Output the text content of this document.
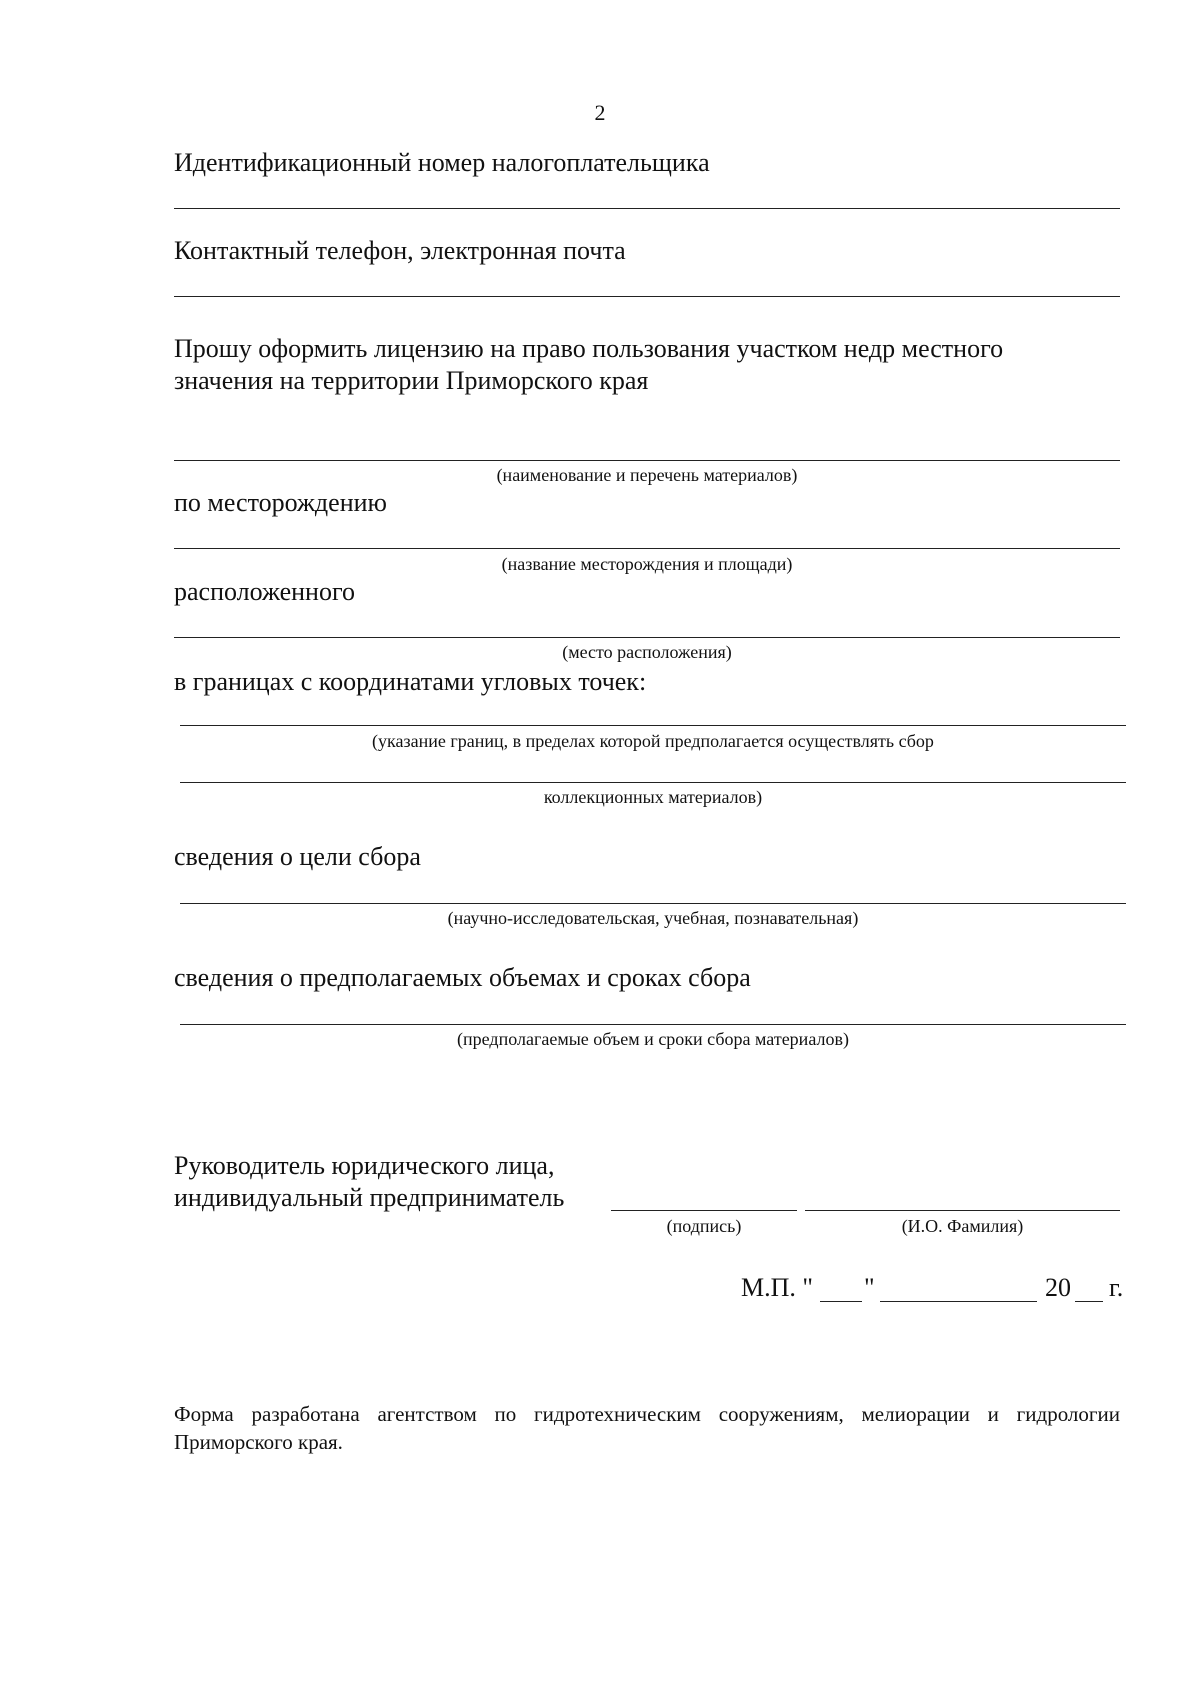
2
Идентификационный номер налогоплательщика
Контактный телефон, электронная почта
Прошу оформить лицензию на право пользования участком недр местного
значения на территории Приморского края
(наименование и перечень материалов)
по месторождению
(название месторождения и площади)
расположенного
(место расположения)
в границах с координатами угловых точек:
(указание границ, в пределах которой предполагается осуществлять сбор
коллекционных материалов)
сведения о цели сбора
(научно-исследовательская, учебная, познавательная)
сведения о предполагаемых объемах и сроках сбора
(предполагаемые объем и сроки сбора материалов)
Руководитель юридического лица,
индивидуальный предприниматель
(подпись)	(И.О. Фамилия)
М.П. " "	20 г.
Форма разработана агентством по гидротехническим сооружениям, мелиорации и гидрологии Приморского края.
